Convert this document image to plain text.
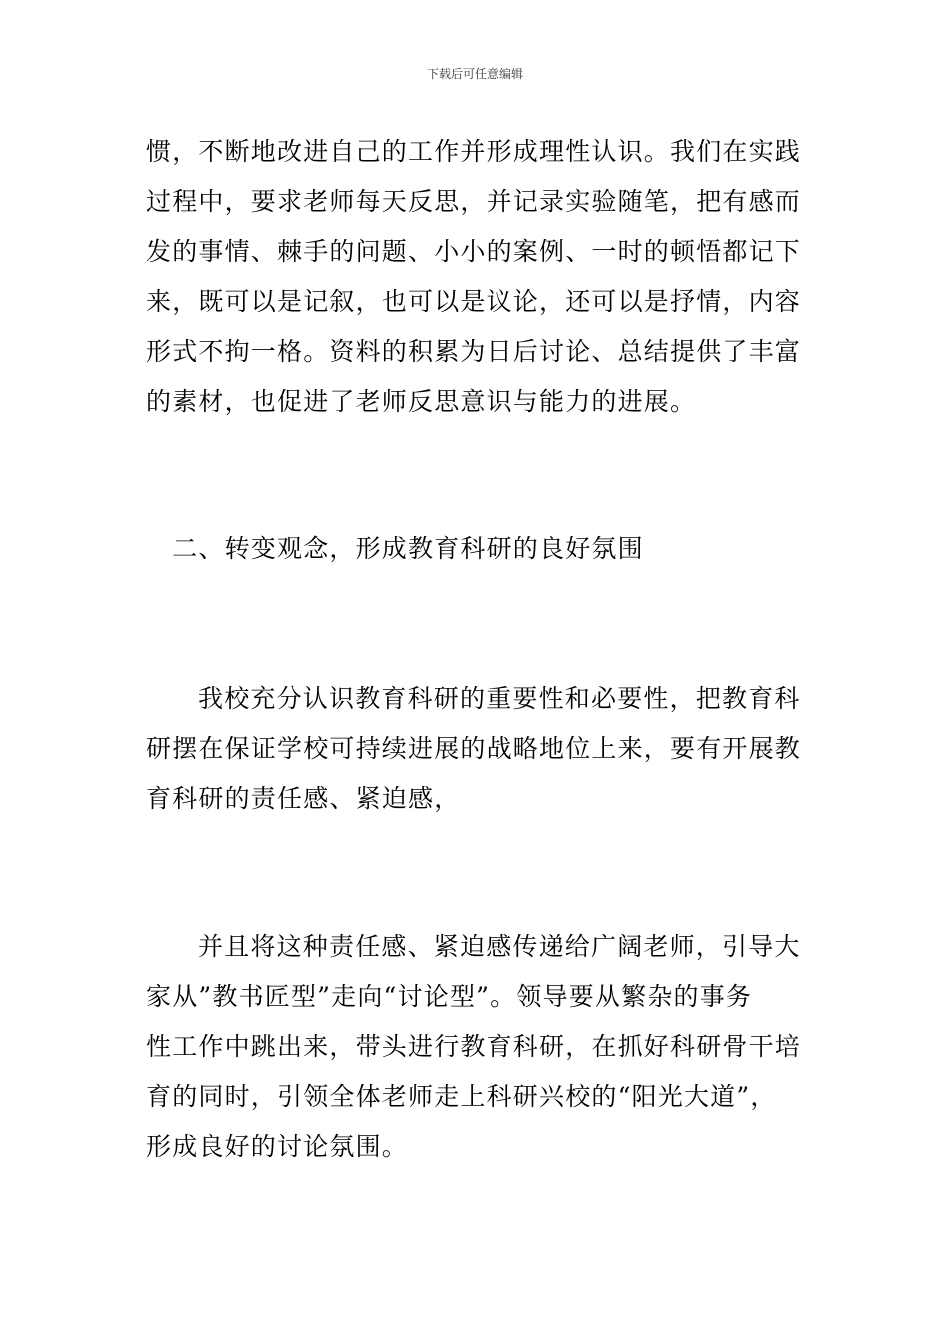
下载后可任意编辑
惯，不断地改进自己的工作并形成理性认识。我们在实践
过程中，要求老师每天反思，并记录实验随笔，把有感而
发的事情、棘手的问题、小小的案例、一时的顿悟都记下
来，既可以是记叙，也可以是议论，还可以是抒情，内容
形式不拘一格。资料的积累为日后讨论、总结提供了丰富
的素材，也促进了老师反思意识与能力的进展。
　二、转变观念，形成教育科研的良好氛围
我校充分认识教育科研的重要性和必要性，把教育科
研摆在保证学校可持续进展的战略地位上来，要有开展教
育科研的责任感、紧迫感，
并且将这种责任感、紧迫感传递给广阔老师，引导大
家从”教书匠型”走向“讨论型”。领导要从繁杂的事务
性工作中跳出来，带头进行教育科研，在抓好科研骨干培
育的同时，引领全体老师走上科研兴校的“阳光大道”，
形成良好的讨论氛围。
